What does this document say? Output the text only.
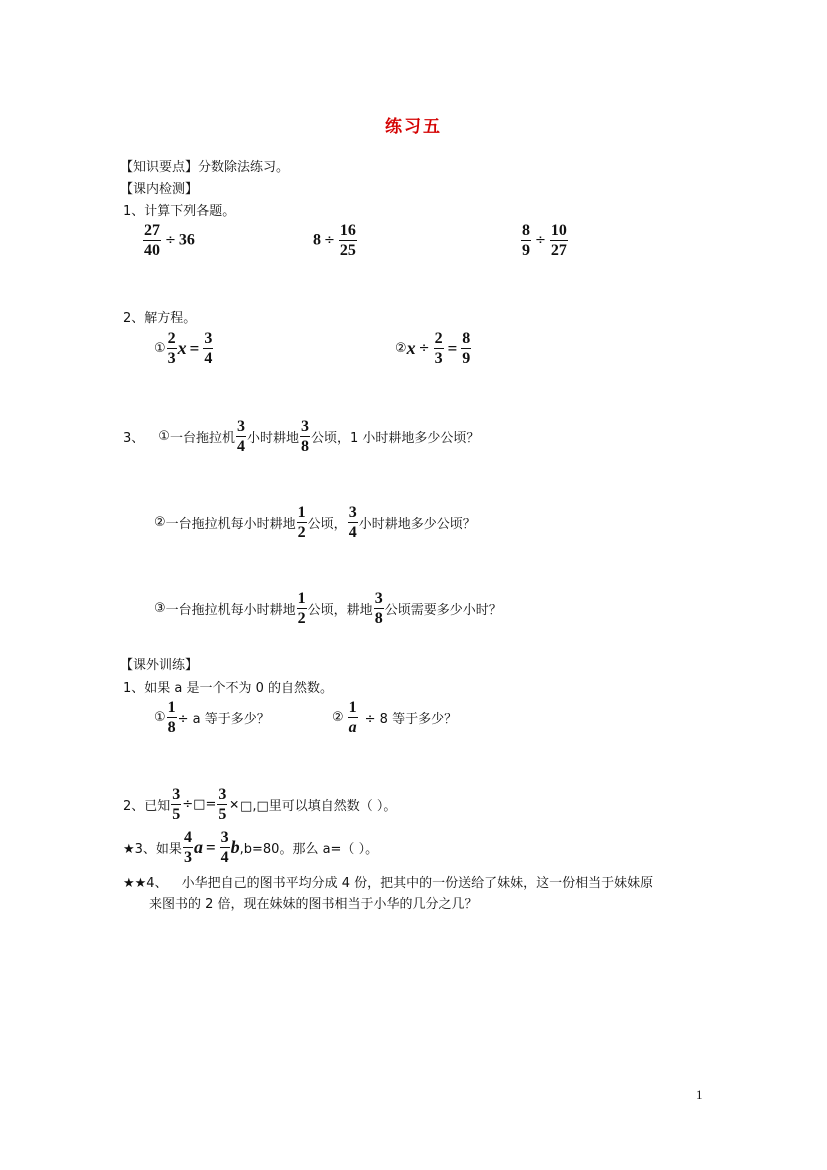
练习五
【知识要点】分数除法练习。
【课内检测】
1、计算下列各题。
$\frac{27}{40} \div 36$	$8 \div \frac{16}{25}$	$\frac{8}{9} \div \frac{10}{27}$
2、解方程。
① $\frac{2}{3}$ $x = \frac{3}{4}$	②x ÷ $\frac{2}{3} = \frac{8}{9}$
3、 ①一台拖拉机 $\frac{3}{4}$ 小时耕地 $\frac{3}{8}$ 公顷，1 小时耕地多少公顷？
②一台拖拉机每小时耕地 $\frac{1}{2}$ 公顷， $\frac{3}{4}$ 小时耕地多少公顷？
③一台拖拉机每小时耕地 $\frac{1}{2}$ 公顷，耕地 $\frac{3}{8}$ 公顷需要多少小时？
【课外训练】
1、如果 a 是一个不为 0 的自然数。
① $\frac{1}{8} \div a$ 等于多少？	② $\frac{1}{a} \div 8$ 等于多少？
2、已知 $\frac{3}{5}$ ÷□= $\frac{3}{5}$ ×□,□里可以填自然数（ ）。
★3、如果 $\frac{4}{3}$ $a = \frac{3}{4} b,b=80$。那么 a=（ ）。
★★4、 小华把自己的图书平均分成 4 份，把其中的一份送给了妹妹，这一份相当于妹妹原
来图书的 2 倍，现在妹妹的图书相当于小华的几分之几？
1
